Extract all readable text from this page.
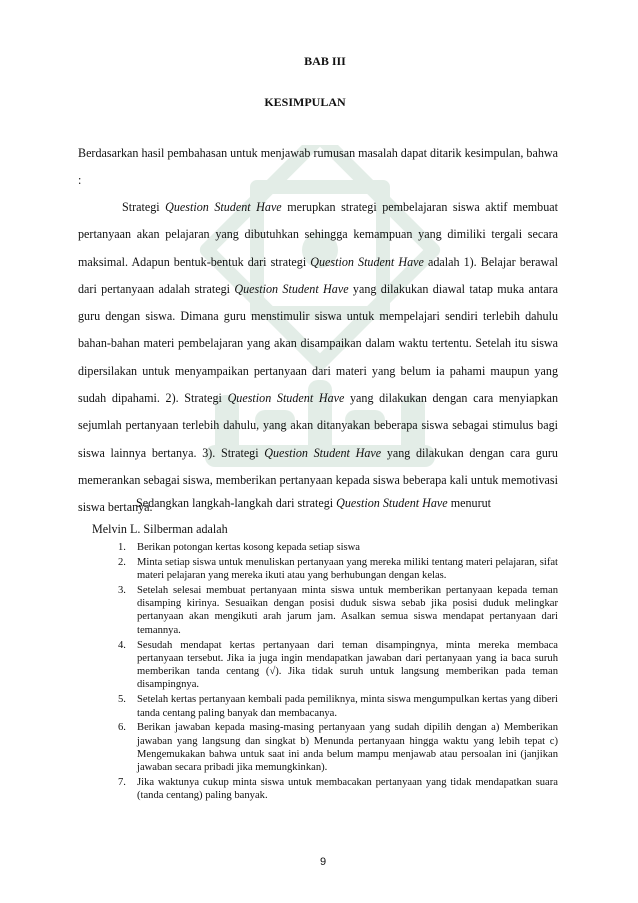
BAB III

KESIMPULAN

Berdasarkan hasil pembahasan untuk menjawab rumusan masalah dapat ditarik kesimpulan, bahwa :

Strategi Question Student Have merupkan strategi pembelajaran siswa aktif membuat pertanyaan akan pelajaran yang dibutuhkan sehingga kemampuan yang dimiliki tergali secara maksimal. Adapun bentuk-bentuk dari strategi Question Student Have adalah 1). Belajar berawal dari pertanyaan adalah strategi Question Student Have yang dilakukan diawal tatap muka antara guru dengan siswa. Dimana guru menstimulir siswa untuk mempelajari sendiri terlebih dahulu bahan-bahan materi pembelajaran yang akan disampaikan dalam waktu tertentu. Setelah itu siswa dipersilakan untuk menyampaikan pertanyaan dari materi yang belum ia pahami maupun yang sudah dipahami. 2). Strategi Question Student Have yang dilakukan dengan cara menyiapkan sejumlah pertanyaan terlebih dahulu, yang akan ditanyakan beberapa siswa sebagai stimulus bagi siswa lainnya bertanya. 3). Strategi Question Student Have yang dilakukan dengan cara guru memerankan sebagai siswa, memberikan pertanyaan kepada siswa beberapa kali untuk memotivasi siswa bertanya.

Sedangkan langkah-langkah dari strategi Question Student Have menurut

Melvin L. Silberman adalah

1. Berikan potongan kertas kosong kepada setiap siswa
2. Minta setiap siswa untuk menuliskan pertanyaan yang mereka miliki tentang materi pelajaran, sifat materi pelajaran yang mereka ikuti atau yang berhubungan dengan kelas.
3. Setelah selesai membuat pertanyaan minta siswa untuk memberikan pertanyaan kepada teman disamping kirinya. Sesuaikan dengan posisi duduk siswa sebab jika posisi duduk melingkar pertanyaan akan mengikuti arah jarum jam. Asalkan semua siswa mendapat pertanyaan dari temannya.
4. Sesudah mendapat kertas pertanyaan dari teman disampingnya, minta mereka membaca pertanyaan tersebut. Jika ia juga ingin mendapatkan jawaban dari pertanyaan yang ia baca suruh memberikan tanda centang (√). Jika tidak suruh untuk langsung memberikan pada teman disampingnya.
5. Setelah kertas pertanyaan kembali pada pemiliknya, minta siswa mengumpulkan kertas yang diberi tanda centang paling banyak dan membacanya.
6. Berikan jawaban kepada masing-masing pertanyaan yang sudah dipilih dengan a) Memberikan jawaban yang langsung dan singkat b) Menunda pertanyaan hingga waktu yang lebih tepat c) Mengemukakan bahwa untuk saat ini anda belum mampu menjawab atau persoalan ini (janjikan jawaban secara pribadi jika memungkinkan).
7. Jika waktunya cukup minta siswa untuk membacakan pertanyaan yang tidak mendapatkan suara (tanda centang) paling banyak.

9
